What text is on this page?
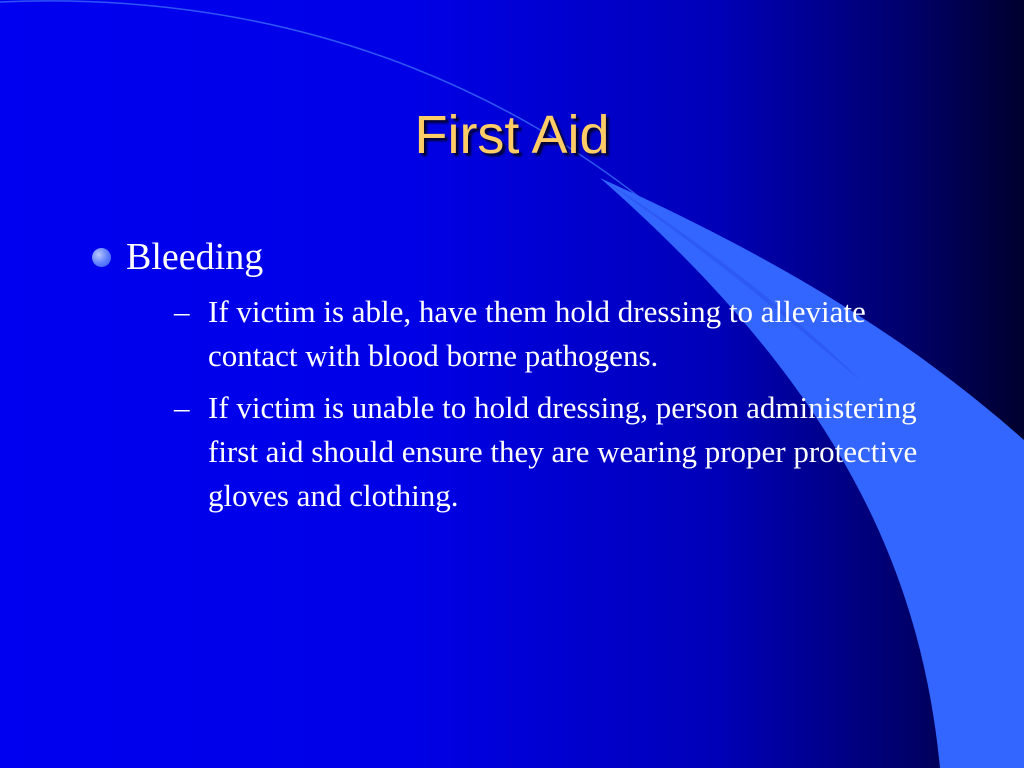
First Aid
Bleeding
– If victim is able, have them hold dressing to alleviate contact with blood borne pathogens.
– If victim is unable to hold dressing, person administering first aid should ensure they are wearing proper protective gloves and clothing.
